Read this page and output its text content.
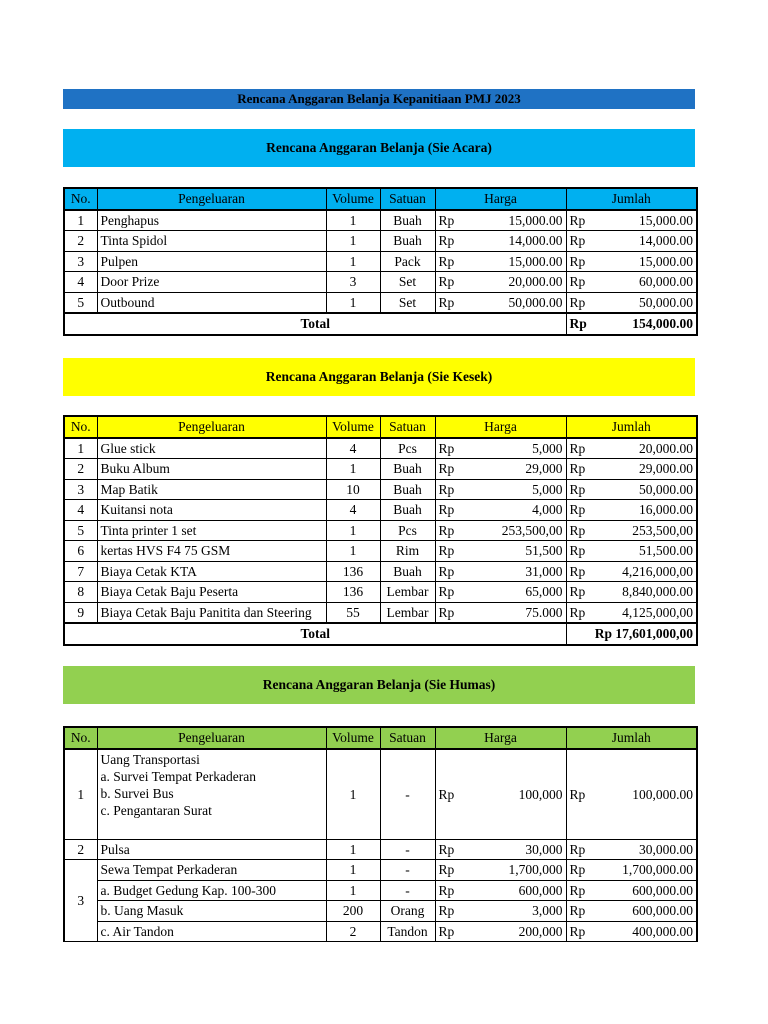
Rencana Anggaran Belanja Kepanitiaan PMJ 2023
Rencana Anggaran Belanja (Sie Acara)
No.	Pengeluaran	Volume	Satuan	Harga		Jumlah	
1	Penghapus	1	Buah	Rp	15,000.00	Rp	15,000.00
2	Tinta Spidol	1	Buah	Rp	14,000.00	Rp	14,000.00
3	Pulpen	1	Pack	Rp	15,000.00	Rp	15,000.00
4	Door Prize	3	Set	Rp	20,000.00	Rp	60,000.00
5	Outbound	1	Set	Rp	50,000.00	Rp	50,000.00
Total						Rp	154,000.00
Rencana Anggaran Belanja (Sie Kesek)
No.	Pengeluaran	Volume	Satuan	Harga		Jumlah	
1	Glue stick	4	Pcs	Rp	5,000	Rp	20,000.00
2	Buku Album	1	Buah	Rp	29,000	Rp	29,000.00
3	Map Batik	10	Buah	Rp	5,000	Rp	50,000.00
4	Kuitansi nota	4	Buah	Rp	4,000	Rp	16,000.00
5	Tinta printer 1 set	1	Pcs	Rp	253,500,00	Rp	253,500,00
6	kertas HVS F4 75 GSM	1	Rim	Rp	51,500	Rp	51,500.00
7	Biaya Cetak KTA	136	Buah	Rp	31,000	Rp	4,216,000,00
8	Biaya Cetak Baju Peserta	136	Lembar	Rp	65,000	Rp	8,840,000.00
9	Biaya Cetak Baju Panitita dan Steering	55	Lembar	Rp	75.000	Rp	4,125,000,00
Total						Rp 17,601,000,00	
Rencana Anggaran Belanja (Sie Humas)
No.	Pengeluaran	Volume	Satuan	Harga		Jumlah	
1	Uang Transportasi
a. Survei Tempat Perkaderan
b. Survei Bus
c. Pengantaran Surat	1	-	Rp	100,000	Rp	100,000.00
2	Pulsa	1	-	Rp	30,000	Rp	30,000.00
3	Sewa Tempat Perkaderan	1	-	Rp	1,700,000	Rp	1,700,000.00
	a. Budget Gedung Kap. 100-300	1	-	Rp	600,000	Rp	600,000.00
	b. Uang Masuk	200	Orang	Rp	3,000	Rp	600,000.00
	c. Air Tandon	2	Tandon	Rp	200,000	Rp	400,000.00
